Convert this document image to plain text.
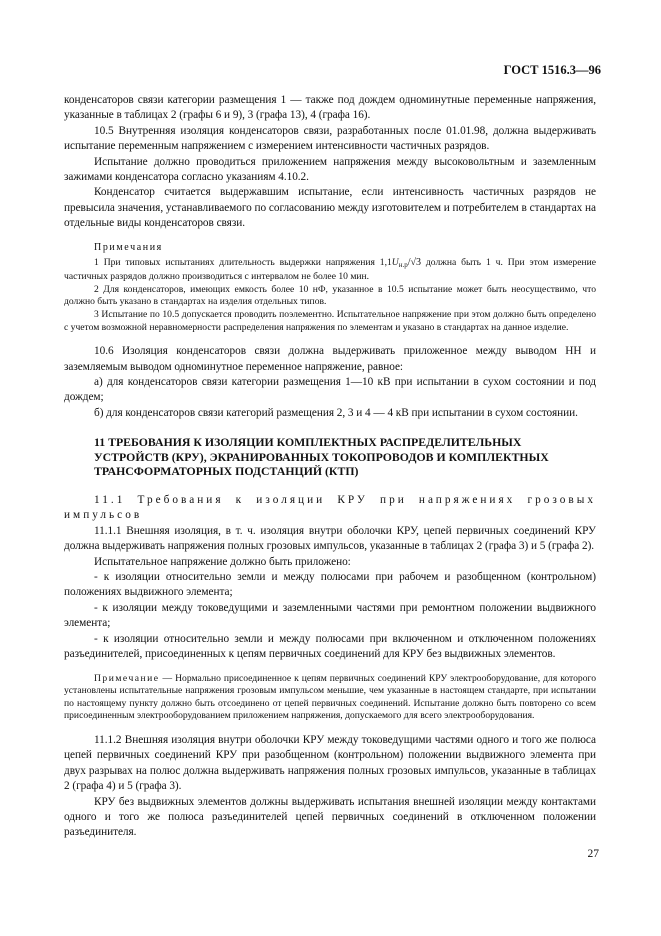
ГОСТ 1516.3—96

конденсаторов связи категории размещения 1 — также под дождем одноминутные переменные напряжения, указанные в таблицах 2 (графы 6 и 9), 3 (графа 13), 4 (графа 16).

10.5 Внутренняя изоляция конденсаторов связи, разработанных после 01.01.98, должна выдерживать испытание переменным напряжением с измерением интенсивности частичных разрядов.

Испытание должно проводиться приложением напряжения между высоковольтным и заземленным зажимами конденсатора согласно указаниям 4.10.2.

Конденсатор считается выдержавшим испытание, если интенсивность частичных разрядов не превысила значения, устанавливаемого по согласованию между изготовителем и потребителем в стандартах на отдельные виды конденсаторов связи.

Примечания

1 При типовых испытаниях длительность выдержки напряжения $1,1U_{н.р}/√3$ должна быть 1 ч. При этом измерение частичных разрядов должно производиться с интервалом не более 10 мин.

2 Для конденсаторов, имеющих емкость более 10 нФ, указанное в 10.5 испытание может быть неосуществимо, что должно быть указано в стандартах на изделия отдельных типов.

3 Испытание по 10.5 допускается проводить поэлементно. Испытательное напряжение при этом должно быть определено с учетом возможной неравномерности распределения напряжения по элементам и указано в стандартах на данное изделие.

10.6 Изоляция конденсаторов связи должна выдерживать приложенное между выводом НН и заземляемым выводом одноминутное переменное напряжение, равное:

а) для конденсаторов связи категории размещения 1—10 кВ при испытании в сухом состоянии и под дождем;

б) для конденсаторов связи категорий размещения 2, 3 и 4 — 4 кВ при испытании в сухом состоянии.

11 ТРЕБОВАНИЯ К ИЗОЛЯЦИИ КОМПЛЕКТНЫХ РАСПРЕДЕЛИТЕЛЬНЫХ УСТРОЙСТВ (КРУ), ЭКРАНИРОВАННЫХ ТОКОПРОВОДОВ И КОМПЛЕКТНЫХ ТРАНСФОРМАТОРНЫХ ПОДСТАНЦИЙ (КТП)

11.1 Требования к изоляции КРУ при напряжениях грозовых импульсов

11.1.1 Внешняя изоляция, в т. ч. изоляция внутри оболочки КРУ, цепей первичных соединений КРУ должна выдерживать напряжения полных грозовых импульсов, указанные в таблицах 2 (графа 3) и 5 (графа 2).

Испытательное напряжение должно быть приложено:

- к изоляции относительно земли и между полюсами при рабочем и разобщенном (контрольном) положениях выдвижного элемента;

- к изоляции между токоведущими и заземленными частями при ремонтном положении выдвижного элемента;

- к изоляции относительно земли и между полюсами при включенном и отключенном положениях разъединителей, присоединенных к цепям первичных соединений для КРУ без выдвижных элементов.

Примечание — Нормально присоединенное к цепям первичных соединений КРУ электрооборудование, для которого установлены испытательные напряжения грозовым импульсом меньшие, чем указанные в настоящем стандарте, при испытании по настоящему пункту должно быть отсоединено от цепей первичных соединений. Испытание должно быть повторено со всем присоединенным электрооборудованием приложением напряжения, допускаемого для всего электрооборудования.

11.1.2 Внешняя изоляция внутри оболочки КРУ между токоведущими частями одного и того же полюса цепей первичных соединений КРУ при разобщенном (контрольном) положении выдвижного элемента при двух разрывах на полюс должна выдерживать напряжения полных грозовых импульсов, указанные в таблицах 2 (графа 4) и 5 (графа 3).

КРУ без выдвижных элементов должны выдерживать испытания внешней изоляции между контактами одного и того же полюса разъединителей цепей первичных соединений в отключенном положении разъединителя.

27
